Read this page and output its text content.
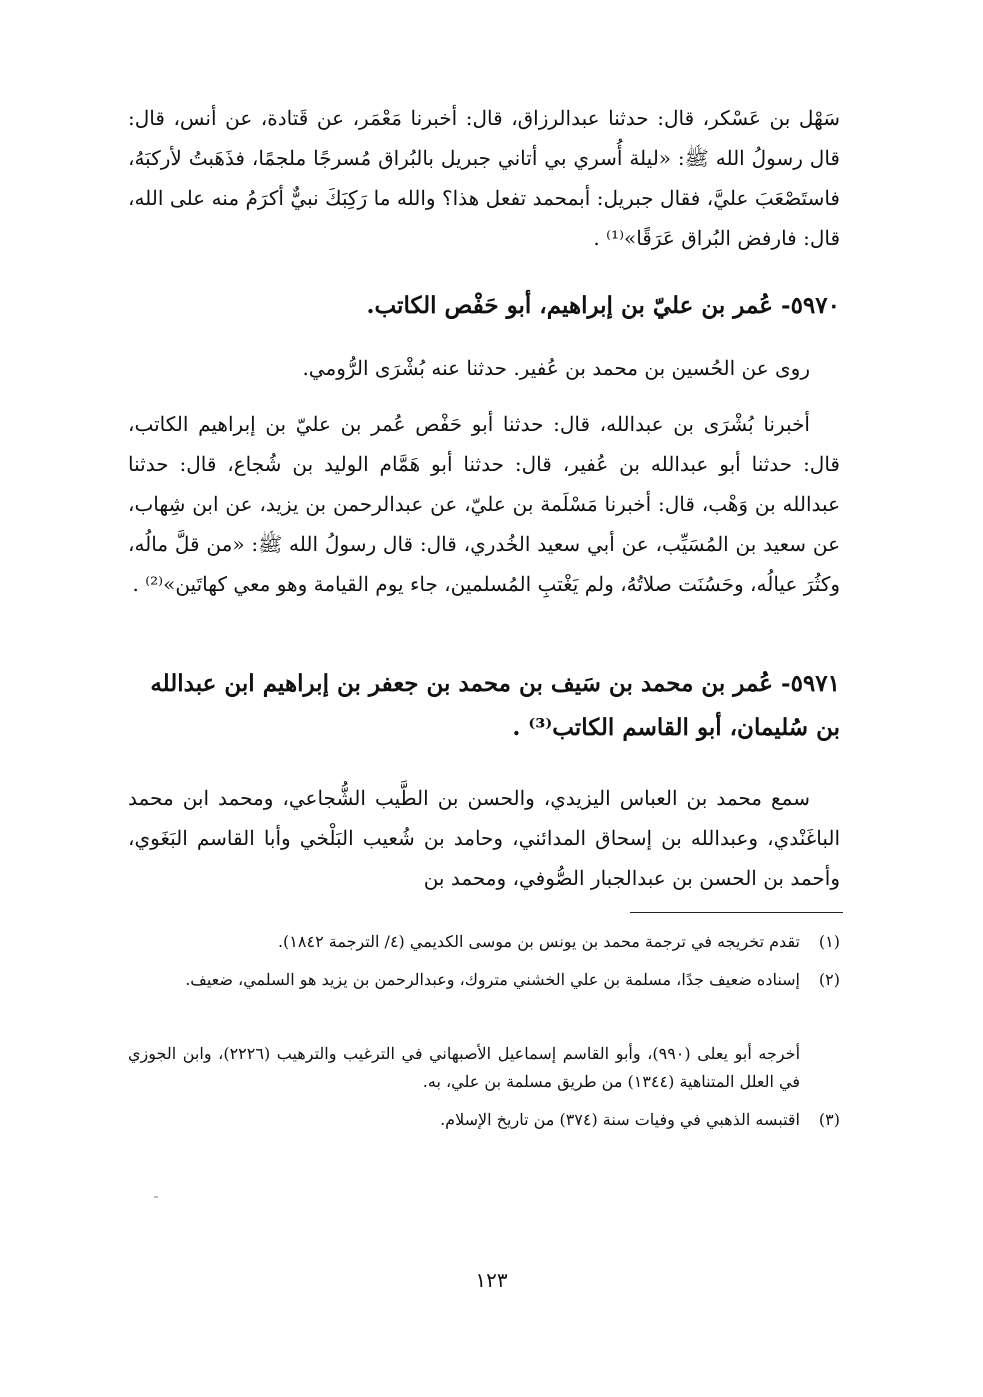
سَهْل بن عَسْكر، قال: حدثنا عبدالرزاق، قال: أخبرنا مَعْمَر، عن قَتادة، عن أنس، قال: قال رسولُ الله ﷺ: «ليلة أُسري بي أتاني جبريل بالبُراق مُسرجًا ملجمًا، فذَهَبتُ لأركبَهُ، فاستَصْعَبَ عليَّ، فقال جبريل: أبمحمد تفعل هذا؟ والله ما رَكِبَكَ نبيٌّ أكرَمُ منه على الله، قال: فارفض البُراق عَرَقًا»⁽¹⁾ .

٥٩٧٠- عُمر بن عليّ بن إبراهيم، أبو حَفْص الكاتب.

روى عن الحُسين بن محمد بن عُفير. حدثنا عنه بُشْرَى الرُّومي.

أخبرنا بُشْرَى بن عبدالله، قال: حدثنا أبو حَفْص عُمر بن عليّ بن إبراهيم الكاتب، قال: حدثنا أبو عبدالله بن عُفير، قال: حدثنا أبو هَمَّام الوليد بن شُجاع، قال: حدثنا عبدالله بن وَهْب، قال: أخبرنا مَسْلَمة بن عليّ، عن عبدالرحمن بن يزيد، عن ابن شِهاب، عن سعيد بن المُسَيِّب، عن أبي سعيد الخُدري، قال: قال رسولُ الله ﷺ: «من قلَّ مالُه، وكثُرَ عيالُه، وحَسُنَت صلاتُهُ، ولم يَغْتبِ المُسلمين، جاء يوم القيامة وهو معي كهاتَين»⁽²⁾ .

٥٩٧١- عُمر بن محمد بن سَيف بن محمد بن جعفر بن إبراهيم ابن عبدالله بن سُليمان، أبو القاسم الكاتب⁽³⁾ .

سمع محمد بن العباس اليزيدي، والحسن بن الطَّيب الشُّجاعي، ومحمد ابن محمد الباغَنْدي، وعبدالله بن إسحاق المدائني، وحامد بن شُعيب البَلْخي وأبا القاسم البَغَوي، وأحمد بن الحسن بن عبدالجبار الصُّوفي، ومحمد بن

(١)تقدم تخريجه في ترجمة محمد بن يونس بن موسى الكديمي (٤/ الترجمة ١٨٤٢).

(٢)إسناده ضعيف جدًا، مسلمة بن علي الخشني متروك، وعبدالرحمن بن يزيد هو السلمي، ضعيف.

أخرجه أبو يعلى (٩٩٠)، وأبو القاسم إسماعيل الأصبهاني في الترغيب والترهيب (٢٢٢٦)، وابن الجوزي في العلل المتناهية (١٣٤٤) من طريق مسلمة بن علي، به.

(٣)اقتبسه الذهبي في وفيات سنة (٣٧٤) من تاريخ الإسلام.

١٢٣
